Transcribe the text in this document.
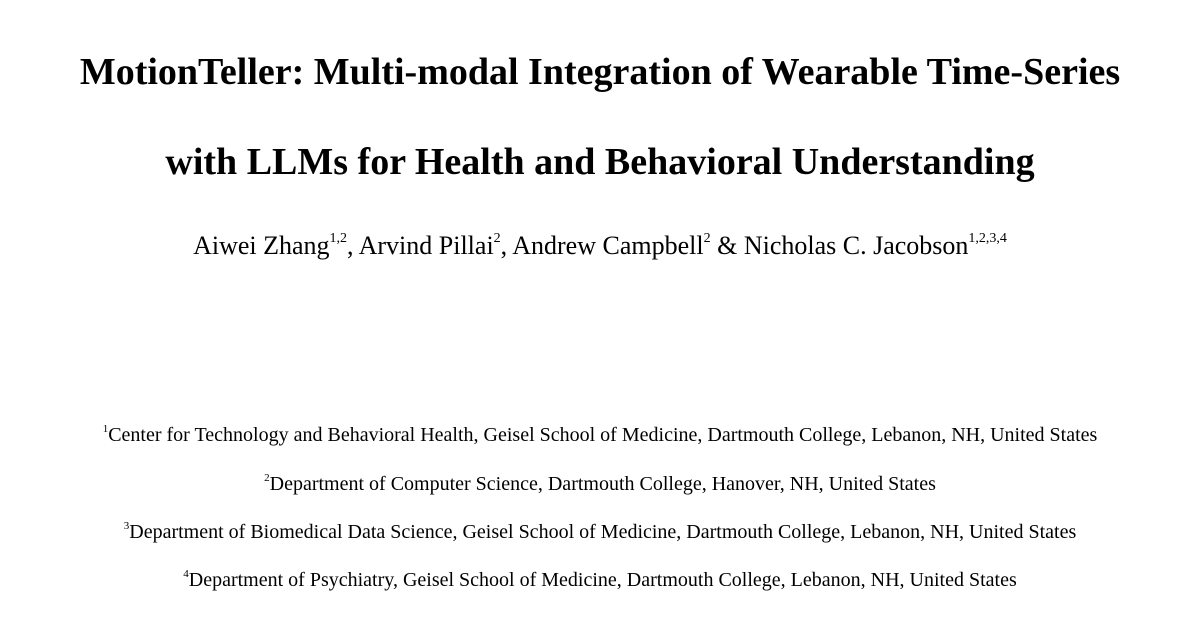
MotionTeller: Multi-modal Integration of Wearable Time-Series
with LLMs for Health and Behavioral Understanding
Aiwei Zhang$^{1,2}$, Arvind Pillai$^2$, Andrew Campbell$^2$ & Nicholas C. Jacobson$^{1,2,3,4}$
$^1$Center for Technology and Behavioral Health, Geisel School of Medicine, Dartmouth College, Lebanon, NH, United States
$^2$Department of Computer Science, Dartmouth College, Hanover, NH, United States
$^3$Department of Biomedical Data Science, Geisel School of Medicine, Dartmouth College, Lebanon, NH, United States
$^4$Department of Psychiatry, Geisel School of Medicine, Dartmouth College, Lebanon, NH, United States
